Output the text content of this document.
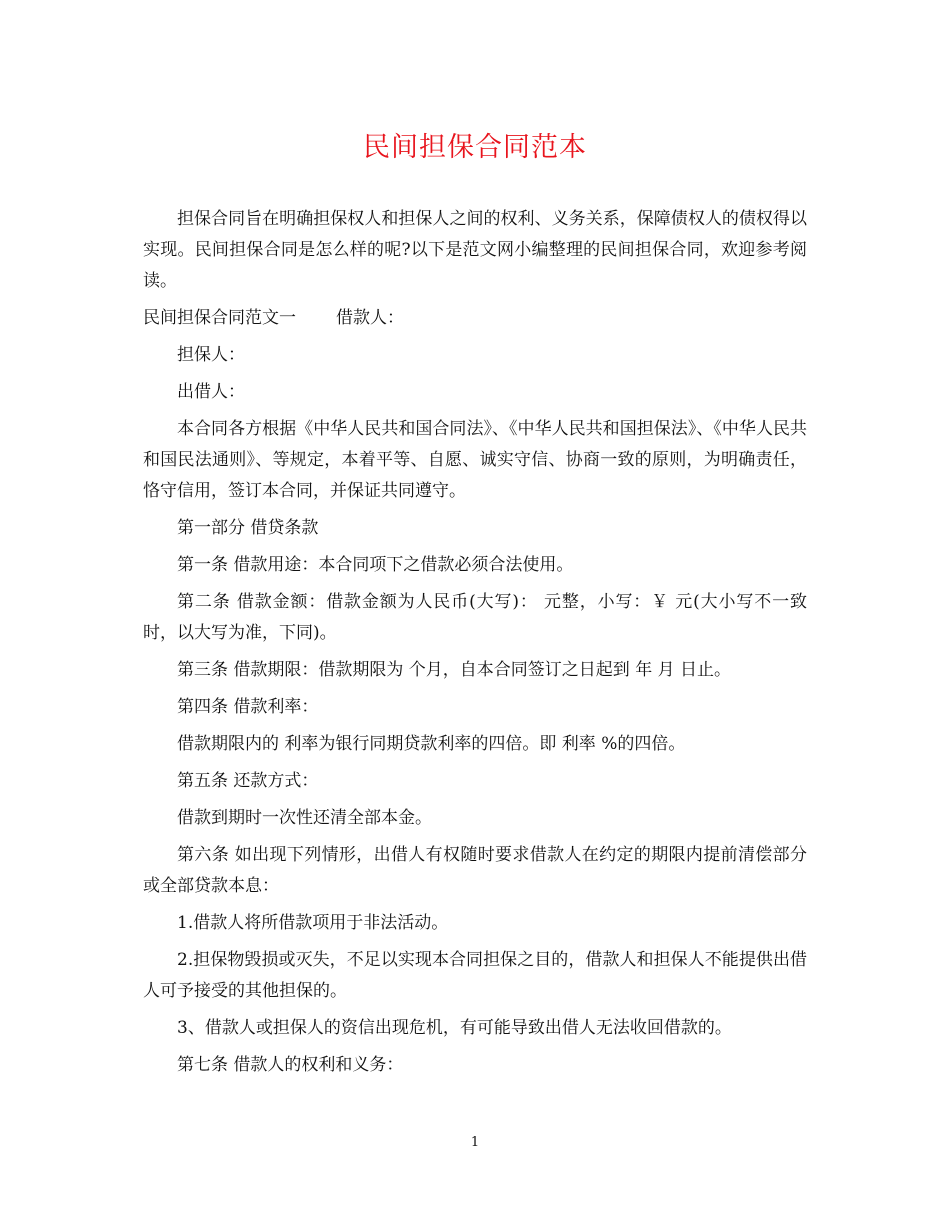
民间担保合同范本

担保合同旨在明确担保权人和担保人之间的权利、义务关系，保障债权人的债权得以实现。民间担保合同是怎么样的呢?以下是范文网小编整理的民间担保合同，欢迎参考阅读。

民间担保合同范文一 借款人：

担保人：

出借人：

本合同各方根据《中华人民共和国合同法》、《中华人民共和国担保法》、《中华人民共和国民法通则》、等规定，本着平等、自愿、诚实守信、协商一致的原则，为明确责任，恪守信用，签订本合同，并保证共同遵守。

第一部分 借贷条款

第一条 借款用途：本合同项下之借款必须合法使用。

第二条 借款金额：借款金额为人民币(大写)： 元整，小写：￥ 元(大小写不一致时，以大写为准，下同)。

第三条 借款期限：借款期限为 个月，自本合同签订之日起到 年 月 日止。

第四条 借款利率：

借款期限内的 利率为银行同期贷款利率的四倍。即 利率 %的四倍。

第五条 还款方式：

借款到期时一次性还清全部本金。

第六条 如出现下列情形，出借人有权随时要求借款人在约定的期限内提前清偿部分或全部贷款本息：

1.借款人将所借款项用于非法活动。

2.担保物毁损或灭失，不足以实现本合同担保之目的，借款人和担保人不能提供出借人可予接受的其他担保的。

3、借款人或担保人的资信出现危机，有可能导致出借人无法收回借款的。

第七条 借款人的权利和义务：

1
